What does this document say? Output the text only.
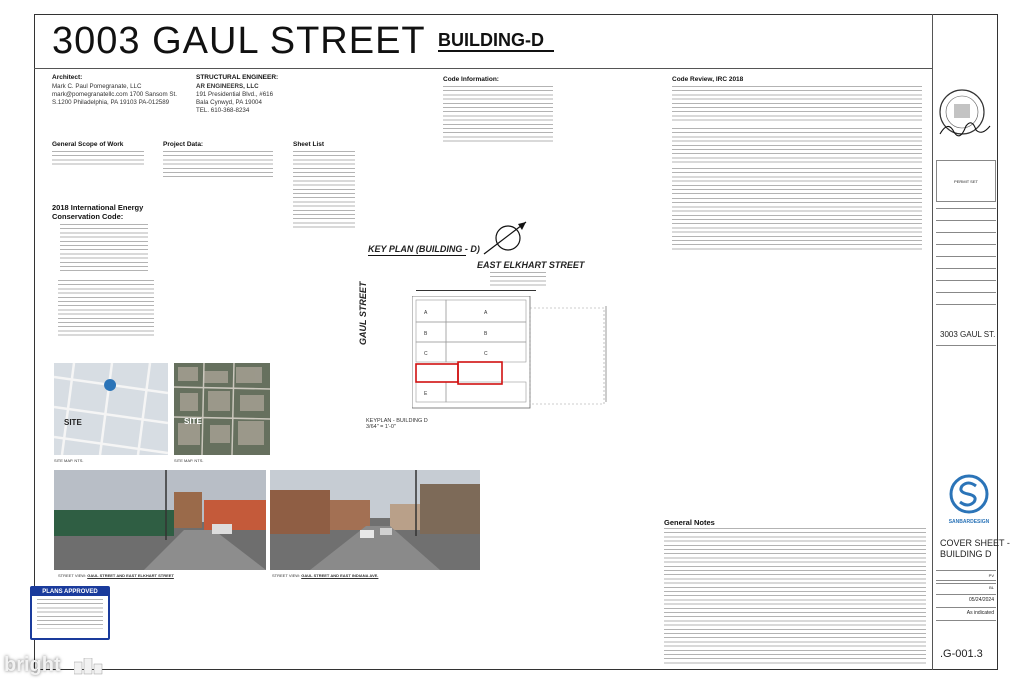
3003 GAUL STREET BUILDING-D
Architect:
Mark C. Paul Pomegranate, LLC
mark@pomegranatellc.com 1700 Sansom St.
S.1200 Philadelphia, PA 19103 PA-012589
STRUCTURAL ENGINEER:
AR ENGINEERS, LLC
191 Presidential Blvd., #616
Bala Cynwyd, PA 19004
TEL. 610-368-8234
Code Information:	Code Review, IRC 2018
General Scope of Work	Project Data:	Sheet List
2018 International Energy
Conservation Code:
KEY PLAN (BUILDING - D)
EAST ELKHART STREET
GAUL STREET	A
B
C
E
A
B
C
KEYPLAN - BUILDING D
3/64" = 1'-0"
SITE	SITE
SITE MAP. NTS.	SITE MAP. NTS.
STREET VIEW: GAUL STREET AND EAST ELKHART STREET	STREET VIEW: GAUL STREET AND EAST INDIANA AVE.
General Notes
PLANS APPROVED
PERMIT SET
3003 GAUL ST.
SANBARDESIGN
COVER SHEET -
BUILDING D
PV
BL
05/24/2024
As indicated
.G-001.3
bright
